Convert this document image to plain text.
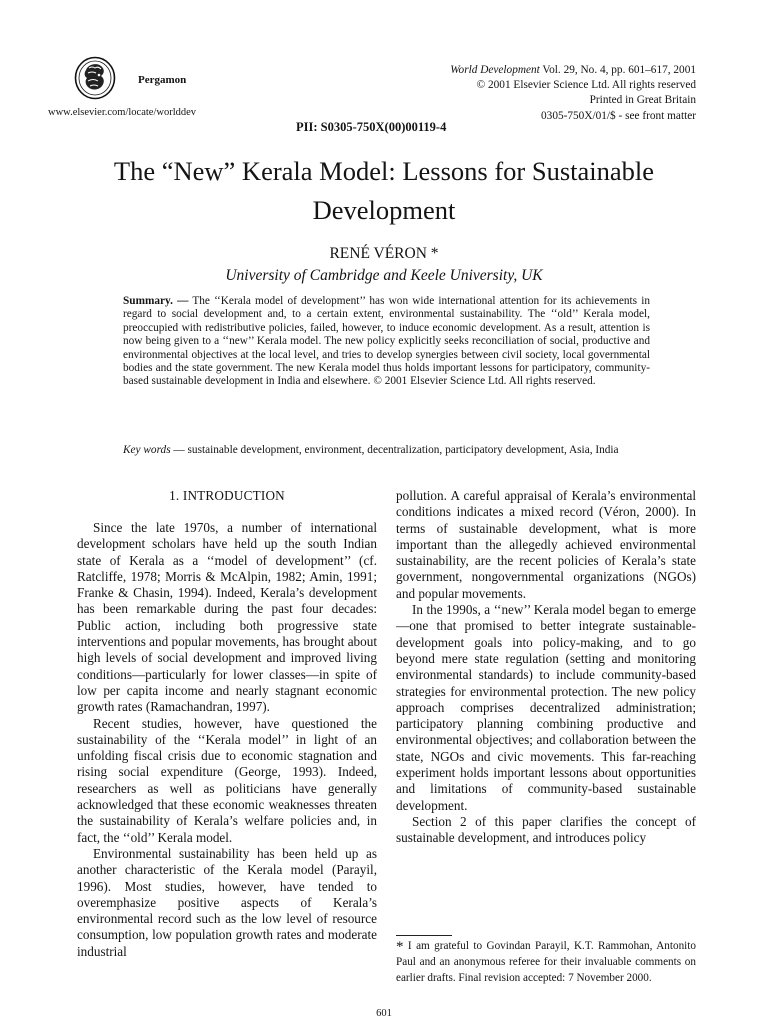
Pergamon
www.elsevier.com/locate/worlddev
PII: S0305-750X(00)00119-4
World Development Vol. 29, No. 4, pp. 601–617, 2001
© 2001 Elsevier Science Ltd. All rights reserved
Printed in Great Britain
0305-750X/01/$ - see front matter
The “New” Kerala Model: Lessons for Sustainable
Development
RENÉ VÉRON *
University of Cambridge and Keele University, UK
Summary. — The ‘‘Kerala model of development’’ has won wide international attention for its achievements in regard to social development and, to a certain extent, environmental sustainability. The ‘‘old’’ Kerala model, preoccupied with redistributive policies, failed, however, to induce economic development. As a result, attention is now being given to a ‘‘new’’ Kerala model. The new policy explicitly seeks reconciliation of social, productive and environmental objectives at the local level, and tries to develop synergies between civil society, local governmental bodies and the state government. The new Kerala model thus holds important lessons for participatory, community-based sustainable development in India and elsewhere. © 2001 Elsevier Science Ltd. All rights reserved.
Key words — sustainable development, environment, decentralization, participatory development, Asia, India
1. INTRODUCTION

Since the late 1970s, a number of international development scholars have held up the south Indian state of Kerala as a ‘‘model of development’’ (cf. Ratcliffe, 1978; Morris & McAlpin, 1982; Amin, 1991; Franke & Chasin, 1994). Indeed, Kerala’s development has been remarkable during the past four decades: Public action, including both progressive state interventions and popular movements, has brought about high levels of social development and improved living conditions—particularly for lower classes—in spite of low per capita income and nearly stagnant economic growth rates (Ramachandran, 1997).

Recent studies, however, have questioned the sustainability of the ‘‘Kerala model’’ in light of an unfolding fiscal crisis due to economic stagnation and rising social expenditure (George, 1993). Indeed, researchers as well as politicians have generally acknowledged that these economic weaknesses threaten the sustainability of Kerala’s welfare policies and, in fact, the ‘‘old’’ Kerala model.

Environmental sustainability has been held up as another characteristic of the Kerala model (Parayil, 1996). Most studies, however, have tended to overemphasize positive aspects of Kerala’s environmental record such as the low level of resource consumption, low population growth rates and moderate industrial

pollution. A careful appraisal of Kerala’s environmental conditions indicates a mixed record (Véron, 2000). In terms of sustainable development, what is more important than the allegedly achieved environmental sustainability, are the recent policies of Kerala’s state government, nongovernmental organizations (NGOs) and popular movements.

In the 1990s, a ‘‘new’’ Kerala model began to emerge—one that promised to better integrate sustainable-development goals into policy-making, and to go beyond mere state regulation (setting and monitoring environmental standards) to include community-based strategies for environmental protection. The new policy approach comprises decentralized administration; participatory planning combining productive and environmental objectives; and collaboration between the state, NGOs and civic movements. This far-reaching experiment holds important lessons about opportunities and limitations of community-based sustainable development.

Section 2 of this paper clarifies the concept of sustainable development, and introduces policy

* I am grateful to Govindan Parayil, K.T. Rammohan, Antonito Paul and an anonymous referee for their invaluable comments on earlier drafts. Final revision accepted: 7 November 2000.
601
